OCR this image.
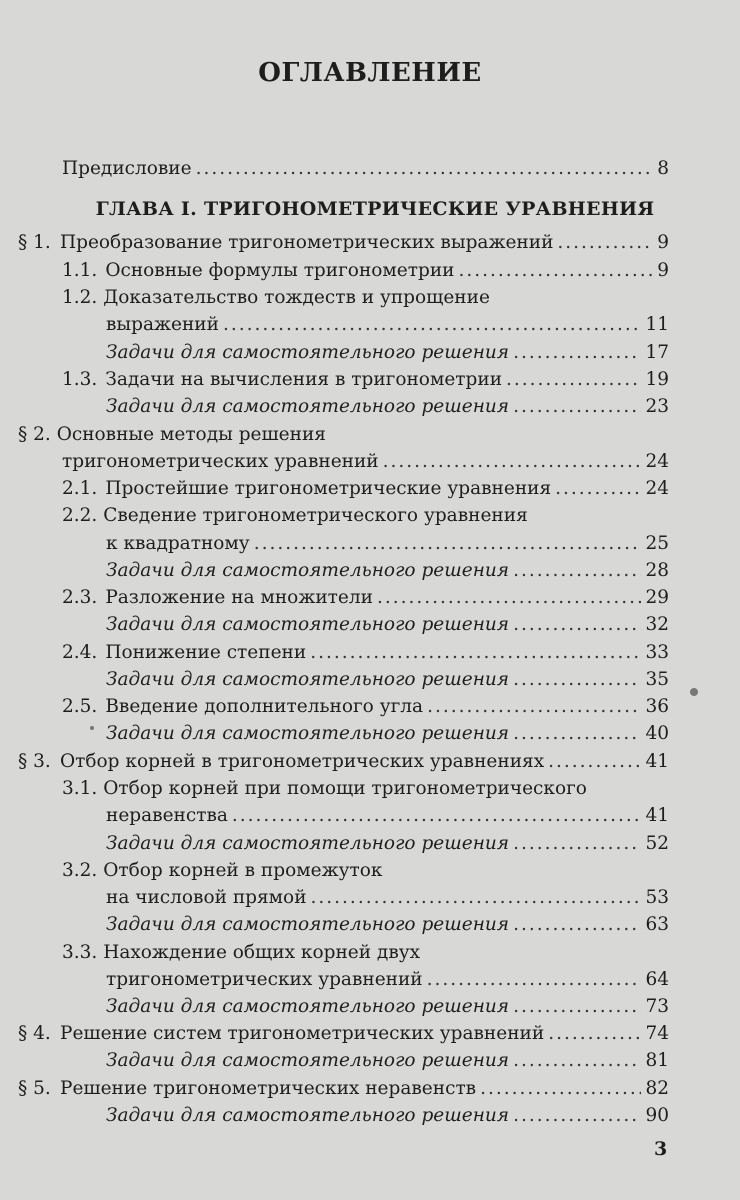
ОГЛАВЛЕНИЕ
Предисловие .....	8
ГЛАВА I. ТРИГОНОМЕТРИЧЕСКИЕ УРАВНЕНИЯ
§ 1. Преобразование тригонометрических выражений .....	9
1.1. Основные формулы тригонометрии .....	9
1.2. Доказательство тождеств и упрощение
выражений .....	11
Задачи для самостоятельного решения .....	17
1.3. Задачи на вычисления в тригонометрии .....	19
Задачи для самостоятельного решения .....	23
§ 2. Основные методы решения
тригонометрических уравнений .....	24
2.1. Простейшие тригонометрические уравнения .....	24
2.2. Сведение тригонометрического уравнения
к квадратному .....	25
Задачи для самостоятельного решения .....	28
2.3. Разложение на множители .....	29
Задачи для самостоятельного решения .....	32
2.4. Понижение степени .....	33
Задачи для самостоятельного решения .....	35
2.5. Введение дополнительного угла .....	36
Задачи для самостоятельного решения .....	40
§ 3. Отбор корней в тригонометрических уравнениях .....	41
3.1. Отбор корней при помощи тригонометрического
неравенства .....	41
Задачи для самостоятельного решения .....	52
3.2. Отбор корней в промежуток
на числовой прямой .....	53
Задачи для самостоятельного решения .....	63
3.3. Нахождение общих корней двух
тригонометрических уравнений .....	64
Задачи для самостоятельного решения .....	73
§ 4. Решение систем тригонометрических уравнений .....	74
Задачи для самостоятельного решения .....	81
§ 5. Решение тригонометрических неравенств .....	82
Задачи для самостоятельного решения .....	90
3
